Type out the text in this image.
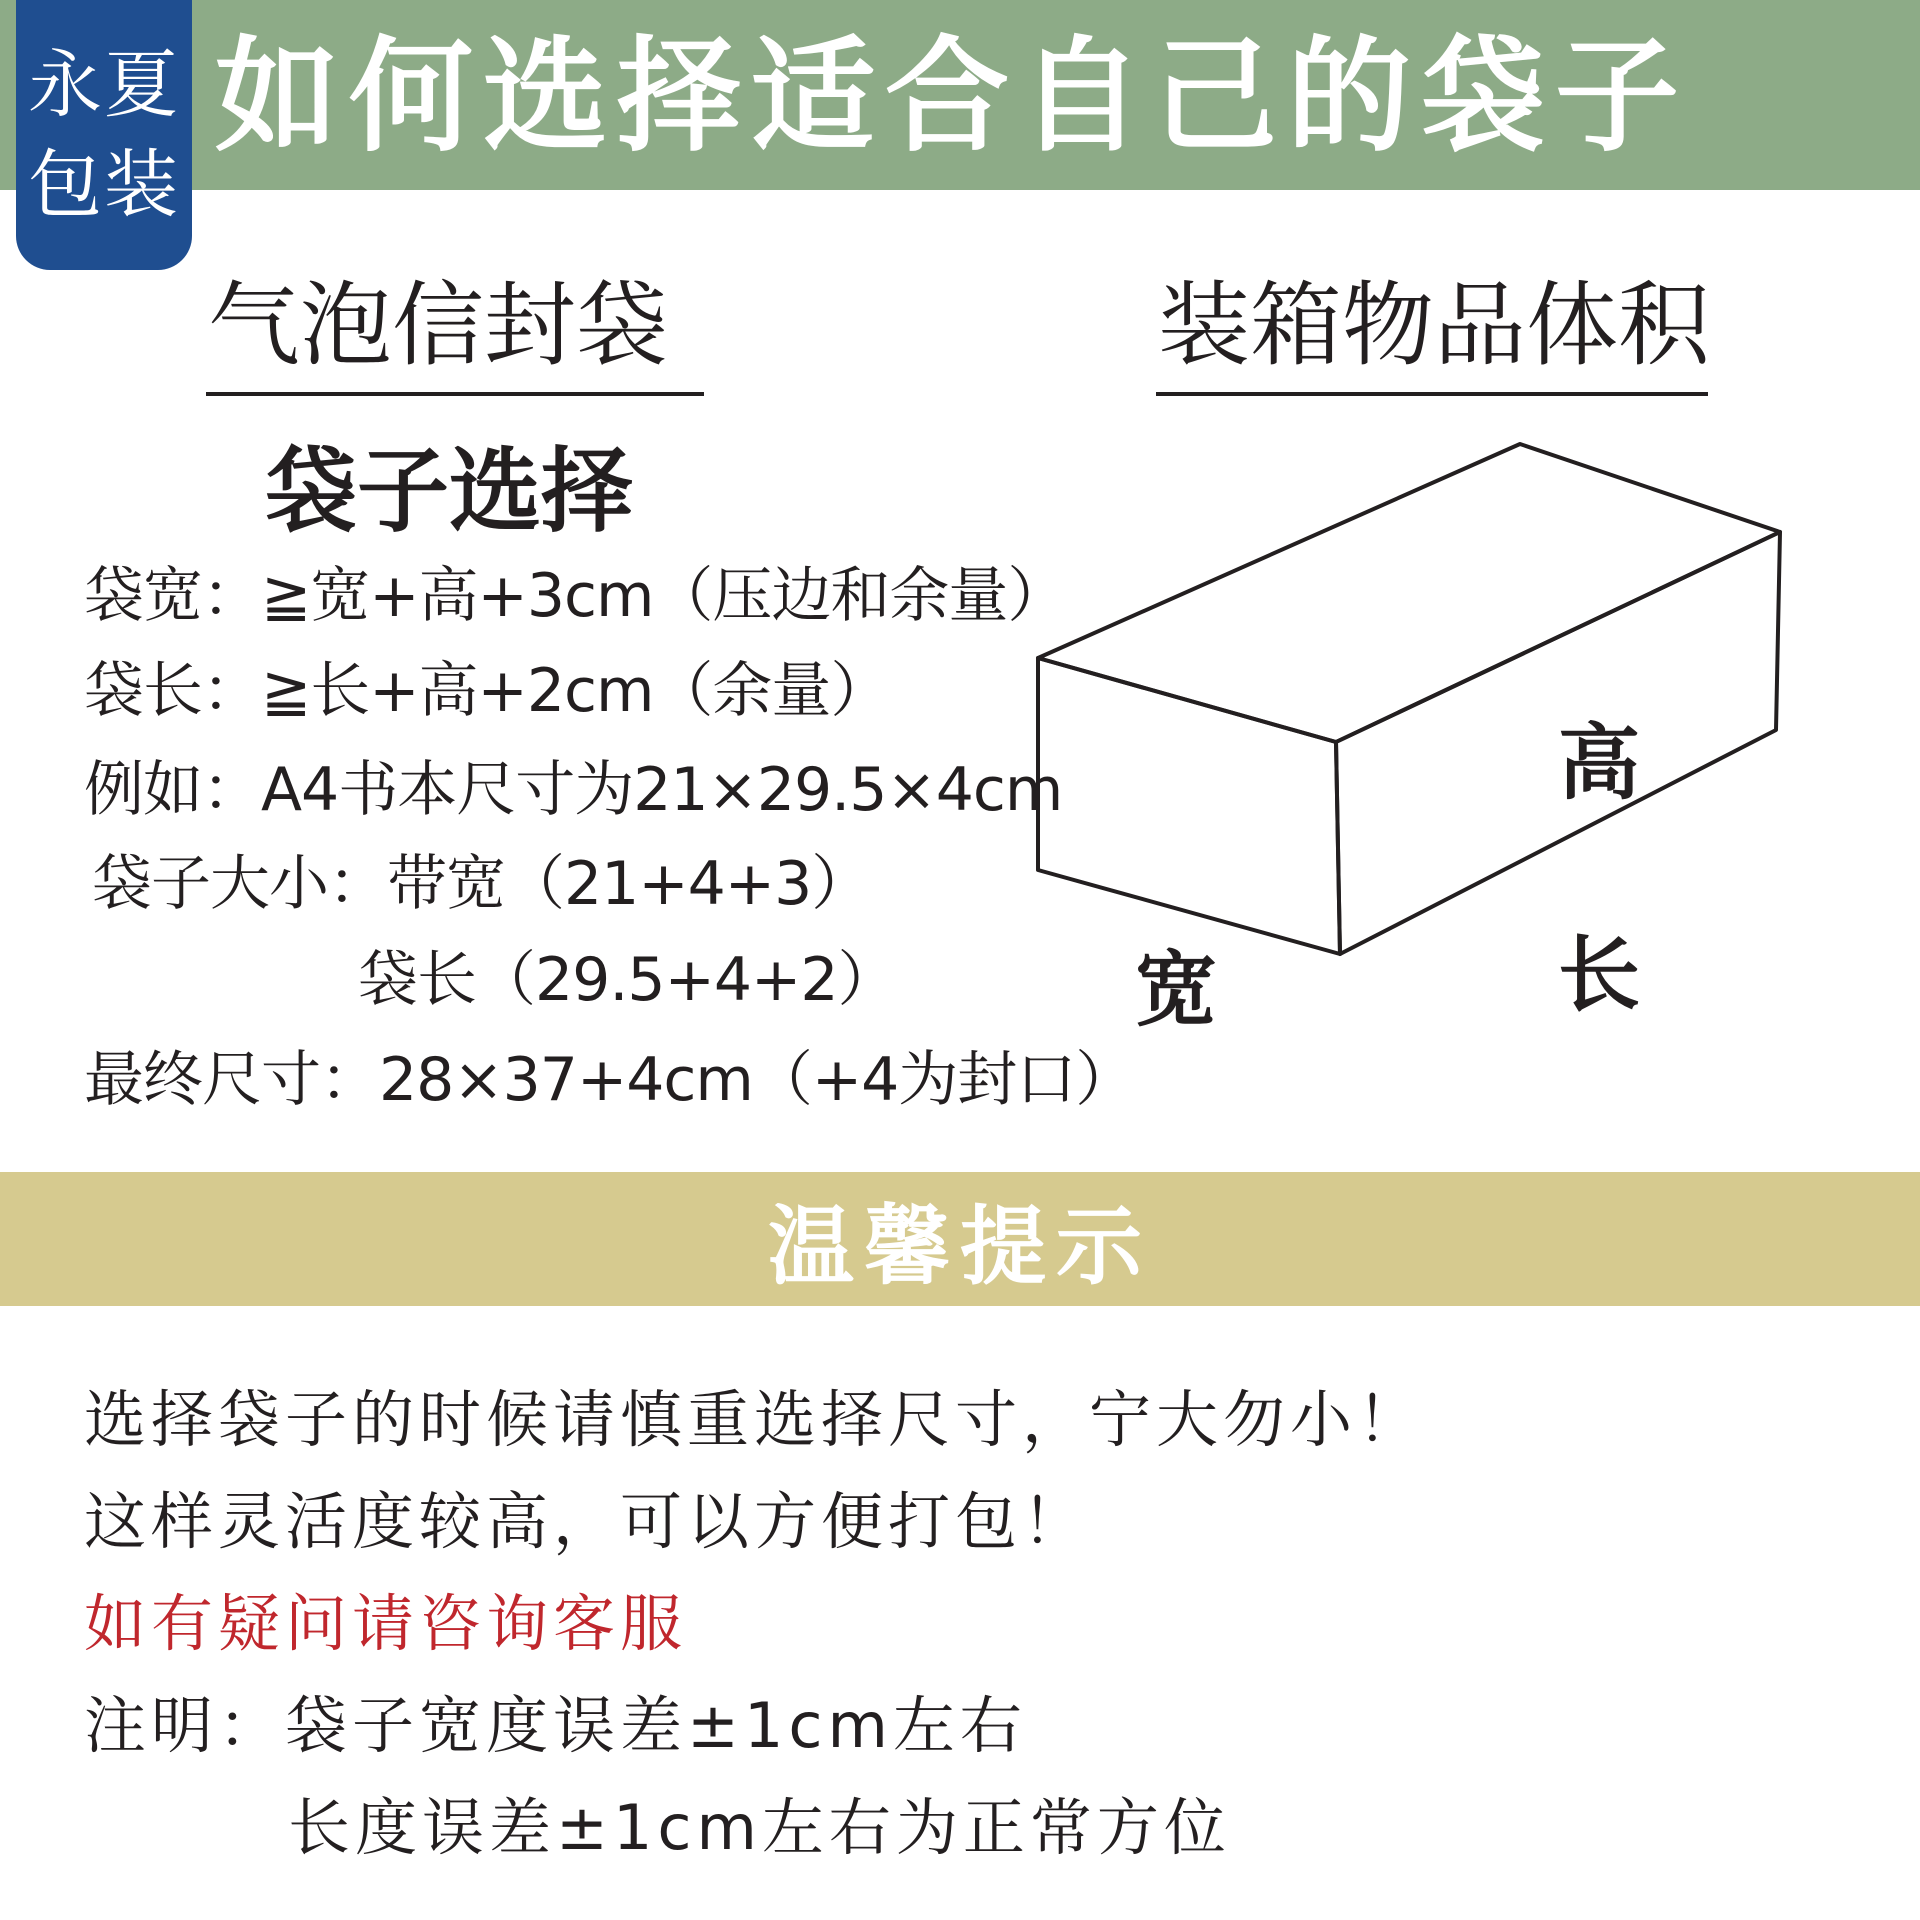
永夏
包装
如何选择适合自己的袋子
气泡信封袋
袋子选择
袋宽：≧宽+高+3cm（压边和余量）
袋长：≧长+高+2cm（余量）
例如：A4书本尺寸为21×29.5×4cm
袋子大小：带宽（21+4+3）
袋长（29.5+4+2）
最终尺寸：28×37+4cm（+4为封口）
装箱物品体积
高
宽	长
温馨提示
选择袋子的时候请慎重选择尺寸，宁大勿小！
这样灵活度较高，可以方便打包！
如有疑问请咨询客服
注明：袋子宽度误差±1cm左右
长度误差±1cm左右为正常方位
